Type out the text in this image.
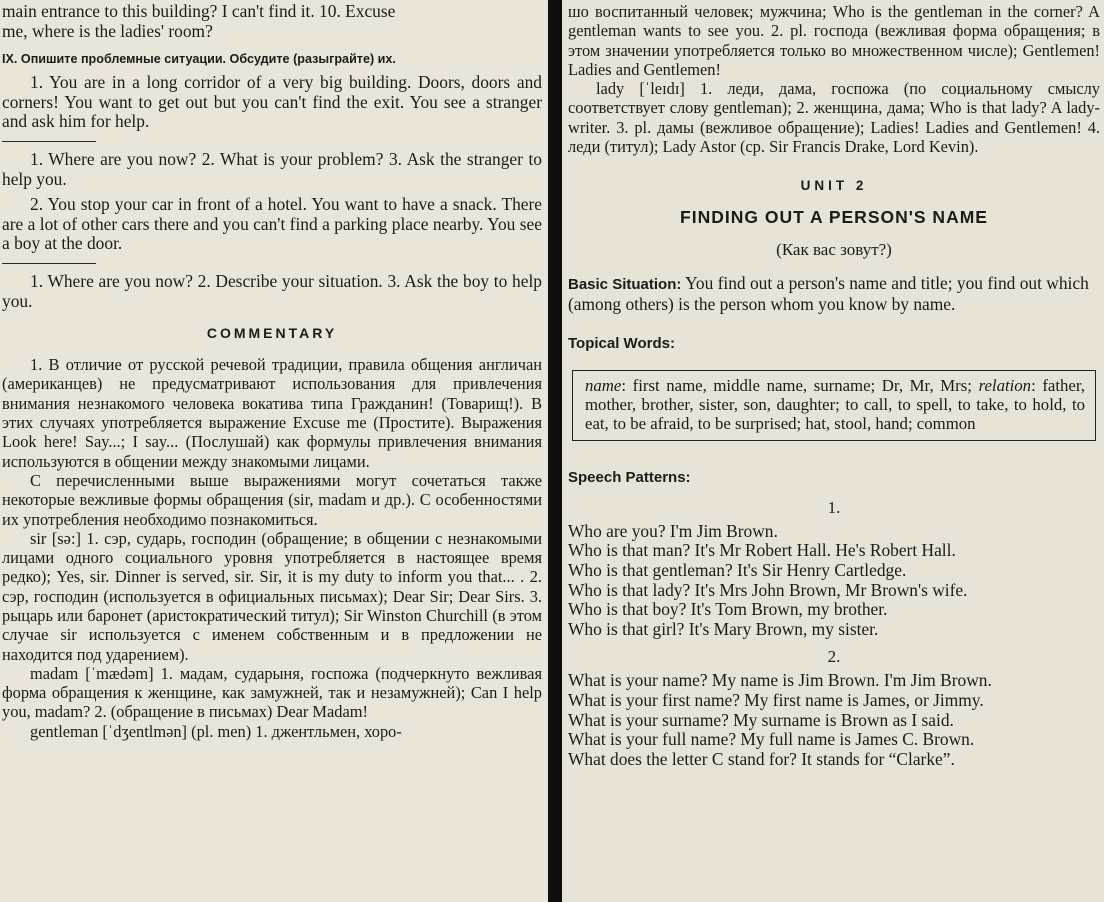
main entrance to this building? I can't find it. 10. Excuse

me, where is the ladies' room?

IX. Опишите проблемные ситуации. Обсудите (разыграйте) их.

1. You are in a long corridor of a very big building. Doors, doors and corners! You want to get out but you can't find the exit. You see a stranger and ask him for help.

1. Where are you now? 2. What is your problem? 3. Ask the stranger to help you.

2. You stop your car in front of a hotel. You want to have a snack. There are a lot of other cars there and you can't find a parking place nearby. You see a boy at the door.

1. Where are you now? 2. Describe your situation. 3. Ask the boy to help you.

COMMENTARY

1. В отличие от русской речевой традиции, правила общения англичан (американцев) не предусматривают использования для привлечения внимания незнакомого человека вокатива типа Гражданин! (Товарищ!). В этих случаях употребляется выражение Excuse me (Простите). Выражения Look here! Say...; I say... (Послушай) как формулы привлечения внимания используются в общении между знакомыми лицами.

С перечисленными выше выражениями могут сочетаться также некоторые вежливые формы обращения (sir, madam и др.). С особенностями их употребления необходимо познакомиться.

sir [sə:] 1. сэр, сударь, господин (обращение; в общении с незнакомыми лицами одного социального уровня употребляется в настоящее время редко); Yes, sir. Dinner is served, sir. Sir, it is my duty to inform you that... . 2. сэр, господин (используется в официальных письмах); Dear Sir; Dear Sirs. 3. рыцарь или баронет (аристократический титул); Sir Winston Churchill (в этом случае sir используется с именем собственным и в предложении не находится под ударением).

madam [ˈmædəm] 1. мадам, сударыня, госпожа (подчеркнуто вежливая форма обращения к женщине, как замужней, так и незамужней); Can I help you, madam? 2. (обращение в письмах) Dear Madam!

gentleman [ˈdʒentlmən] (pl. men) 1. джентльмен, хоро-

шо воспитанный человек; мужчина; Who is the gentleman in the corner? A gentleman wants to see you. 2. pl. господа (вежливая форма обращения; в этом значении употребляется только во множественном числе); Gentlemen! Ladies and Gentlemen!

lady [ˈleɪdɪ] 1. леди, дама, госпожа (по социальному смыслу соответствует слову gentleman); 2. женщина, дама; Who is that lady? A lady-writer. 3. pl. дамы (вежливое обращение); Ladies! Ladies and Gentlemen! 4. леди (титул); Lady Astor (ср. Sir Francis Drake, Lord Kevin).

UNIT 2

FINDING OUT A PERSON'S NAME

(Как вас зовут?)

Basic Situation: You find out a person's name and title; you find out which (among others) is the person whom you know by name.

Topical Words:

name: first name, middle name, surname; Dr, Mr, Mrs; relation: father, mother, brother, sister, son, daughter; to call, to spell, to take, to hold, to eat, to be afraid, to be surprised; hat, stool, hand; common

Speech Patterns:

1.

Who are you? I'm Jim Brown.

Who is that man? It's Mr Robert Hall. He's Robert Hall.

Who is that gentleman? It's Sir Henry Cartledge.

Who is that lady? It's Mrs John Brown, Mr Brown's wife.

Who is that boy? It's Tom Brown, my brother.

Who is that girl? It's Mary Brown, my sister.

2.

What is your name? My name is Jim Brown. I'm Jim Brown.

What is your first name? My first name is James, or Jimmy.

What is your surname? My surname is Brown as I said.

What is your full name? My full name is James C. Brown.

What does the letter C stand for? It stands for “Clarke”.
